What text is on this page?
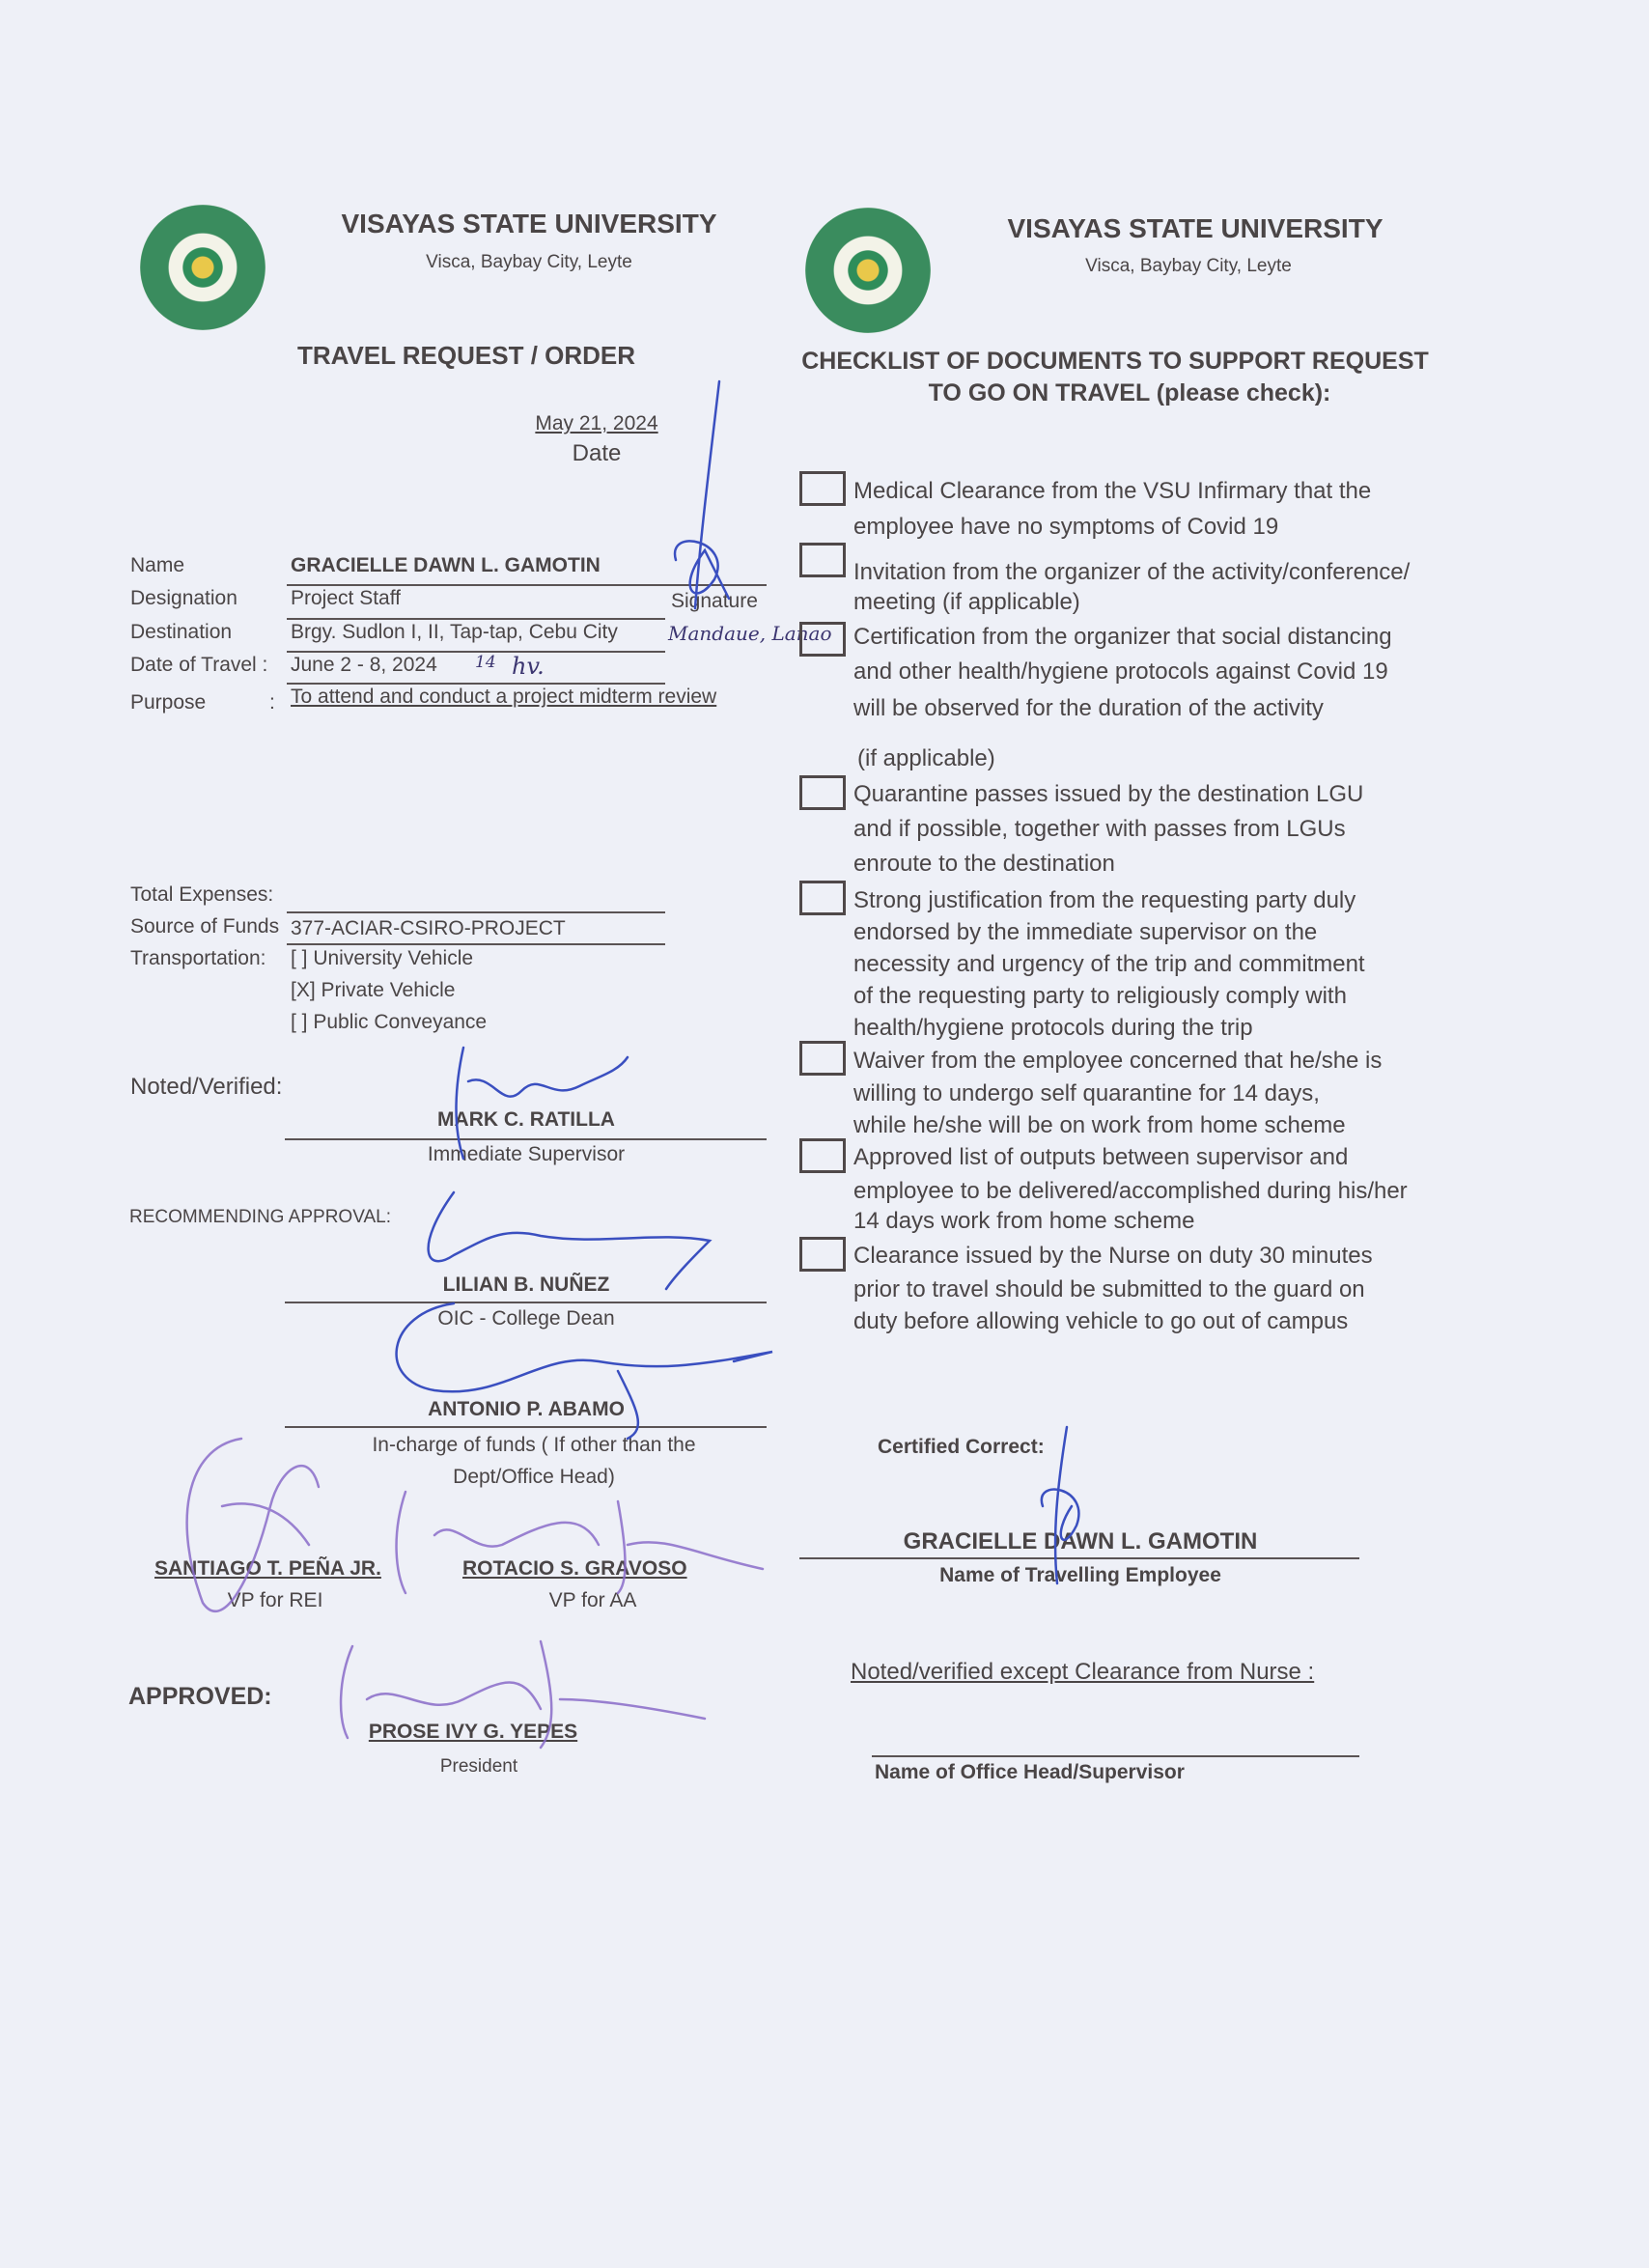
VISAYAS STATE UNIVERSITY
Visca, Baybay City, Leyte
TRAVEL REQUEST / ORDER
May 21, 2024
Date
Name	GRACIELLE DAWN L. GAMOTIN
Designation	Project Staff	Signature
Destination	Brgy. Sudlon I, II, Tap-tap, Cebu City
Date of Travel : June 2 - 8, 2024
Purpose	: To attend and conduct a project midterm review
14
Mandaue, Lanao
hv.
Total Expenses:
Source of Funds 377-ACIAR-CSIRO-PROJECT
Transportation: [ ] University Vehicle
[X] Private Vehicle
[ ] Public Conveyance
Noted/Verified:
MARK C. RATILLA
Immediate Supervisor
RECOMMENDING APPROVAL:
LILIAN B. NUÑEZ
OIC - College Dean
ANTONIO P. ABAMO
In-charge of funds ( If other than the
Dept/Office Head)
SANTIAGO T. PEÑA JR.
VP for REI
ROTACIO S. GRAVOSO
VP for AA
APPROVED:
PROSE IVY G. YEPES
President
VISAYAS STATE UNIVERSITY
Visca, Baybay City, Leyte
CHECKLIST OF DOCUMENTS TO SUPPORT REQUEST
TO GO ON TRAVEL (please check):
Medical Clearance from the VSU Infirmary that the
employee have no symptoms of Covid 19
Invitation from the organizer of the activity/conference/
meeting (if applicable)
Certification from the organizer that social distancing
and other health/hygiene protocols against Covid 19
will be observed for the duration of the activity
(if applicable)
Quarantine passes issued by the destination LGU
and if possible, together with passes from LGUs
enroute to the destination
Strong justification from the requesting party duly
endorsed by the immediate supervisor on the
necessity and urgency of the trip and commitment
of the requesting party to religiously comply with
health/hygiene protocols during the trip
Waiver from the employee concerned that he/she is
willing to undergo self quarantine for 14 days,
while he/she will be on work from home scheme
Approved list of outputs between supervisor and
employee to be delivered/accomplished during his/her
14 days work from home scheme
Clearance issued by the Nurse on duty 30 minutes
prior to travel should be submitted to the guard on
duty before allowing vehicle to go out of campus
Certified Correct:
GRACIELLE DAWN L. GAMOTIN
Name of Travelling Employee
Noted/verified except Clearance from Nurse :
Name of Office Head/Supervisor
